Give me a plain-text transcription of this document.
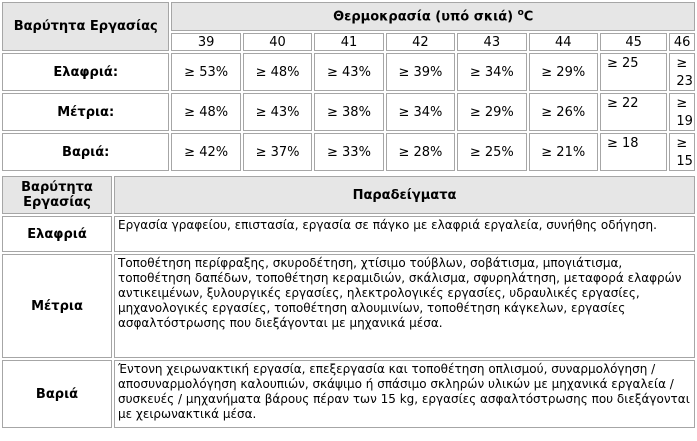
Βαρύτητα Εργασίας	Θερμοκρασία (υπό σκιά) $^o$C							
	39	40	41	42	43	44	45	46
Ελαφριά:	≥ 53%	≥ 48%	≥ 43%	≥ 39%	≥ 34%	≥ 29%	≥ 25	≥
23

Μέτρια:	≥ 48%	≥ 43%	≥ 38%	≥ 34%	≥ 29%	≥ 26%	≥ 22	≥
19

Βαριά:	≥ 42%	≥ 37%	≥ 33%	≥ 28%	≥ 25%	≥ 21%	≥ 18	≥
15
Βαρύτητα Εργασίας	Παραδείγματα
Ελαφριά	Εργασία γραφείου, επιστασία, εργασία σε πάγκο με ελαφριά εργαλεία, συνήθης οδήγηση.
Μέτρια	Τοποθέτηση περίφραξης, σκυροδέτηση, χτίσιμο τούβλων, σοβάτισμα, μπογιάτισμα, τοποθέτηση δαπέδων, τοποθέτηση κεραμιδιών, σκάλισμα, σφυρηλάτηση, μεταφορά ελαφρών αντικειμένων, ξυλουργικές εργασίες, ηλεκτρολογικές εργασίες, υδραυλικές εργασίες, μηχανολογικές εργασίες, τοποθέτηση αλουμινίων, τοποθέτηση κάγκελων, εργασίες ασφαλτόστρωσης που διεξάγονται με μηχανικά μέσα.
Βαριά	Έντονη χειρωνακτική εργασία, επεξεργασία και τοποθέτηση οπλισμού, συναρμολόγηση / αποσυναρμολόγηση καλουπιών, σκάψιμο ή σπάσιμο σκληρών υλικών με μηχανικά εργαλεία / συσκευές / μηχανήματα βάρους πέραν των 15 kg, εργασίες ασφαλτόστρωσης που διεξάγονται με χειρωνακτικά μέσα.
